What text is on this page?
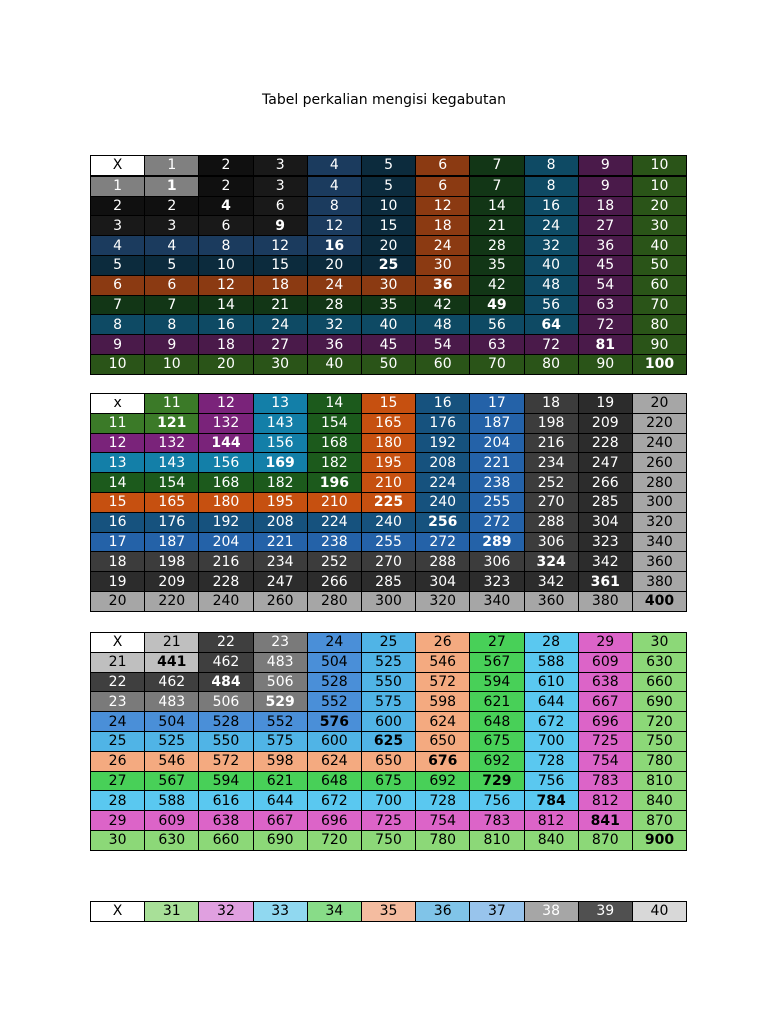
Tabel perkalian mengisi kegabutan
X	1	2	3	4	5	6	7	8	9	10
1	1	2	3	4	5	6	7	8	9	10
2	2	4	6	8	10	12	14	16	18	20
3	3	6	9	12	15	18	21	24	27	30
4	4	8	12	16	20	24	28	32	36	40
5	5	10	15	20	25	30	35	40	45	50
6	6	12	18	24	30	36	42	48	54	60
7	7	14	21	28	35	42	49	56	63	70
8	8	16	24	32	40	48	56	64	72	80
9	9	18	27	36	45	54	63	72	81	90
10	10	20	30	40	50	60	70	80	90	100
x	11	12	13	14	15	16	17	18	19	20
11	121	132	143	154	165	176	187	198	209	220
12	132	144	156	168	180	192	204	216	228	240
13	143	156	169	182	195	208	221	234	247	260
14	154	168	182	196	210	224	238	252	266	280
15	165	180	195	210	225	240	255	270	285	300
16	176	192	208	224	240	256	272	288	304	320
17	187	204	221	238	255	272	289	306	323	340
18	198	216	234	252	270	288	306	324	342	360
19	209	228	247	266	285	304	323	342	361	380
20	220	240	260	280	300	320	340	360	380	400
X	21	22	23	24	25	26	27	28	29	30
21	441	462	483	504	525	546	567	588	609	630
22	462	484	506	528	550	572	594	610	638	660
23	483	506	529	552	575	598	621	644	667	690
24	504	528	552	576	600	624	648	672	696	720
25	525	550	575	600	625	650	675	700	725	750
26	546	572	598	624	650	676	692	728	754	780
27	567	594	621	648	675	692	729	756	783	810
28	588	616	644	672	700	728	756	784	812	840
29	609	638	667	696	725	754	783	812	841	870
30	630	660	690	720	750	780	810	840	870	900
X	31	32	33	34	35	36	37	38	39	40
